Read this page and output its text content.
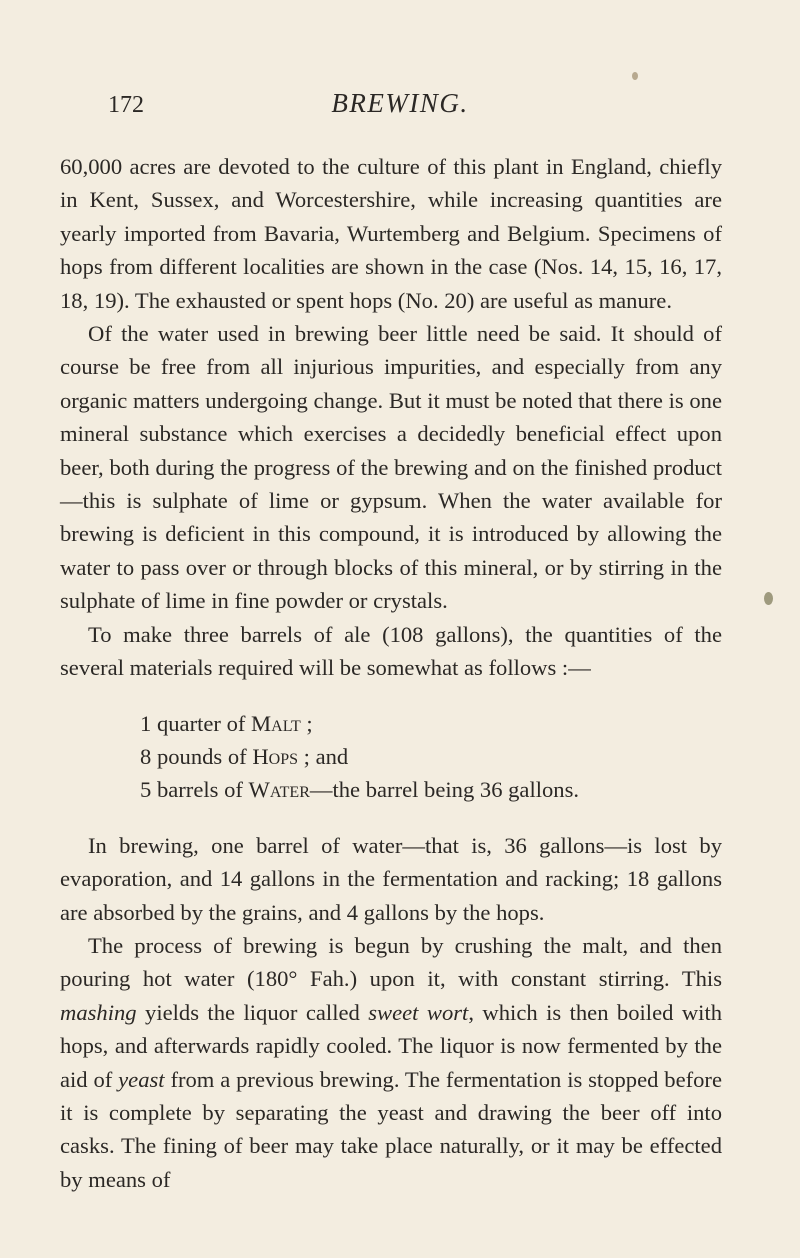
172	BREWING.

60,000 acres are devoted to the culture of this plant in England, chiefly in Kent, Sussex, and Worcestershire, while increasing quantities are yearly imported from Bavaria, Wurtemberg and Belgium. Specimens of hops from different localities are shown in the case (Nos. 14, 15, 16, 17, 18, 19). The exhausted or spent hops (No. 20) are useful as manure.

Of the water used in brewing beer little need be said. It should of course be free from all injurious impurities, and especially from any organic matters undergoing change. But it must be noted that there is one mineral substance which exercises a decidedly beneficial effect upon beer, both during the progress of the brewing and on the finished product—this is sulphate of lime or gypsum. When the water available for brewing is deficient in this compound, it is introduced by allowing the water to pass over or through blocks of this mineral, or by stirring in the sulphate of lime in fine powder or crystals.

To make three barrels of ale (108 gallons), the quantities of the several materials required will be somewhat as follows :—

1 quarter of Malt ;
8 pounds of Hops ; and
5 barrels of Water—the barrel being 36 gallons.

In brewing, one barrel of water—that is, 36 gallons—is lost by evaporation, and 14 gallons in the fermentation and racking; 18 gallons are absorbed by the grains, and 4 gallons by the hops.

The process of brewing is begun by crushing the malt, and then pouring hot water (180° Fah.) upon it, with constant stirring. This mashing yields the liquor called sweet wort, which is then boiled with hops, and afterwards rapidly cooled. The liquor is now fermented by the aid of yeast from a previous brewing. The fermentation is stopped before it is complete by separating the yeast and drawing the beer off into casks. The fining of beer may take place naturally, or it may be effected by means of
